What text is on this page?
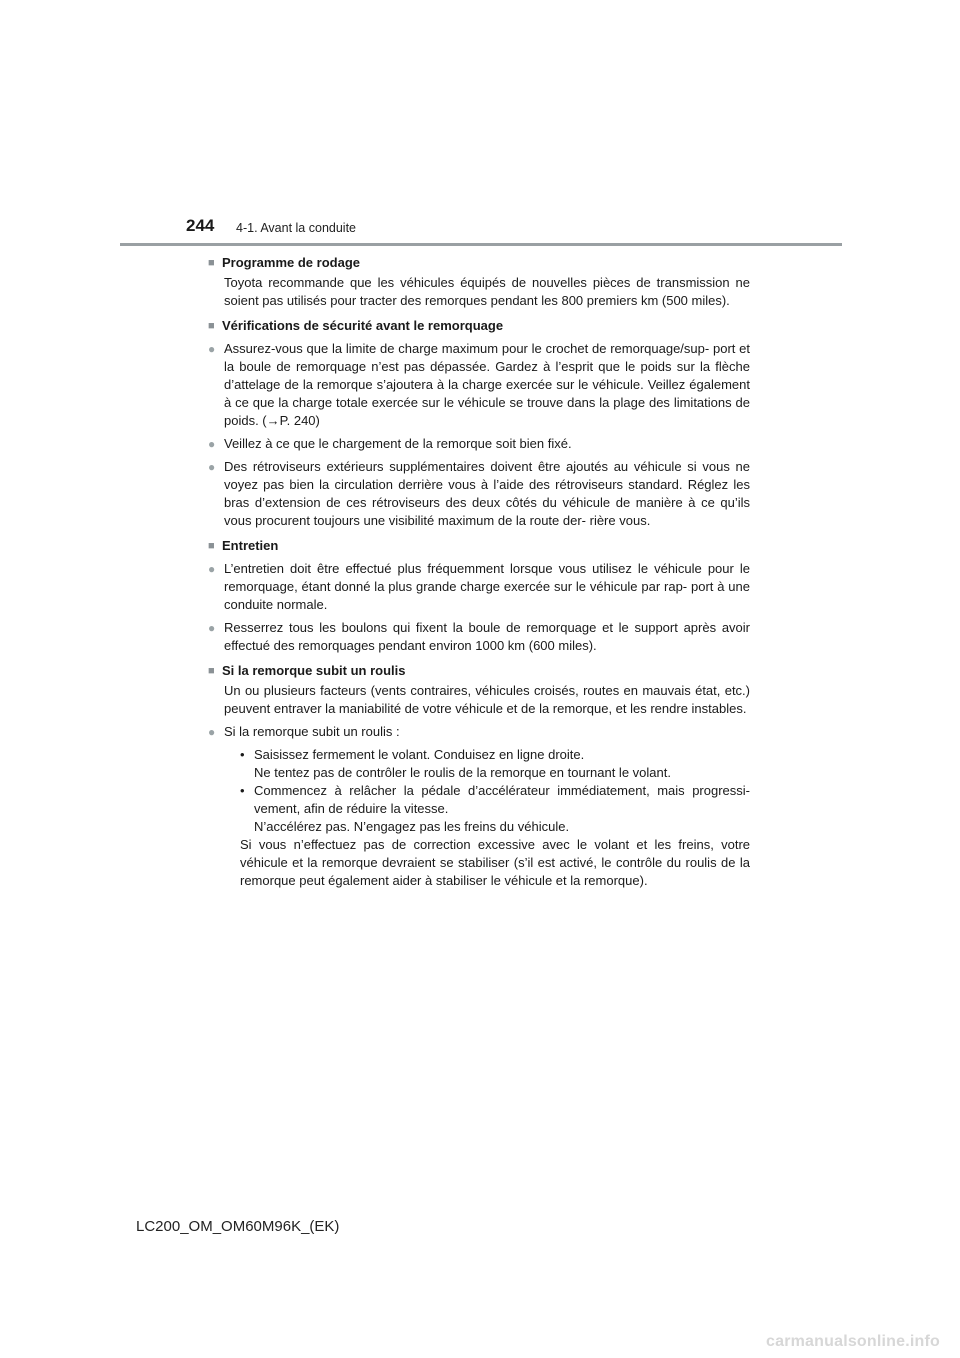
244 4-1. Avant la conduite
■ Programme de rodage
Toyota recommande que les véhicules équipés de nouvelles pièces de transmission ne soient pas utilisés pour tracter des remorques pendant les 800 premiers km (500 miles).
■ Vérifications de sécurité avant le remorquage
● Assurez-vous que la limite de charge maximum pour le crochet de remorquage/sup- port et la boule de remorquage n’est pas dépassée. Gardez à l’esprit que le poids sur la flèche d’attelage de la remorque s’ajoutera à la charge exercée sur le véhicule. Veillez également à ce que la charge totale exercée sur le véhicule se trouve dans la plage des limitations de poids. (→P. 240)
● Veillez à ce que le chargement de la remorque soit bien fixé.
● Des rétroviseurs extérieurs supplémentaires doivent être ajoutés au véhicule si vous ne voyez pas bien la circulation derrière vous à l’aide des rétroviseurs standard. Réglez les bras d’extension de ces rétroviseurs des deux côtés du véhicule de manière à ce qu’ils vous procurent toujours une visibilité maximum de la route der- rière vous.
■ Entretien
● L’entretien doit être effectué plus fréquemment lorsque vous utilisez le véhicule pour le remorquage, étant donné la plus grande charge exercée sur le véhicule par rap- port à une conduite normale.
● Resserrez tous les boulons qui fixent la boule de remorquage et le support après avoir effectué des remorquages pendant environ 1000 km (600 miles).
■ Si la remorque subit un roulis
Un ou plusieurs facteurs (vents contraires, véhicules croisés, routes en mauvais état, etc.) peuvent entraver la maniabilité de votre véhicule et de la remorque, et les rendre instables.
● Si la remorque subit un roulis :
• Saisissez fermement le volant. Conduisez en ligne droite.
Ne tentez pas de contrôler le roulis de la remorque en tournant le volant.
• Commencez à relâcher la pédale d’accélérateur immédiatement, mais progressi- vement, afin de réduire la vitesse.
N’accélérez pas. N’engagez pas les freins du véhicule.
Si vous n’effectuez pas de correction excessive avec le volant et les freins, votre véhicule et la remorque devraient se stabiliser (s’il est activé, le contrôle du roulis de la remorque peut également aider à stabiliser le véhicule et la remorque).
LC200_OM_OM60M96K_(EK)
carmanualsonline.info
